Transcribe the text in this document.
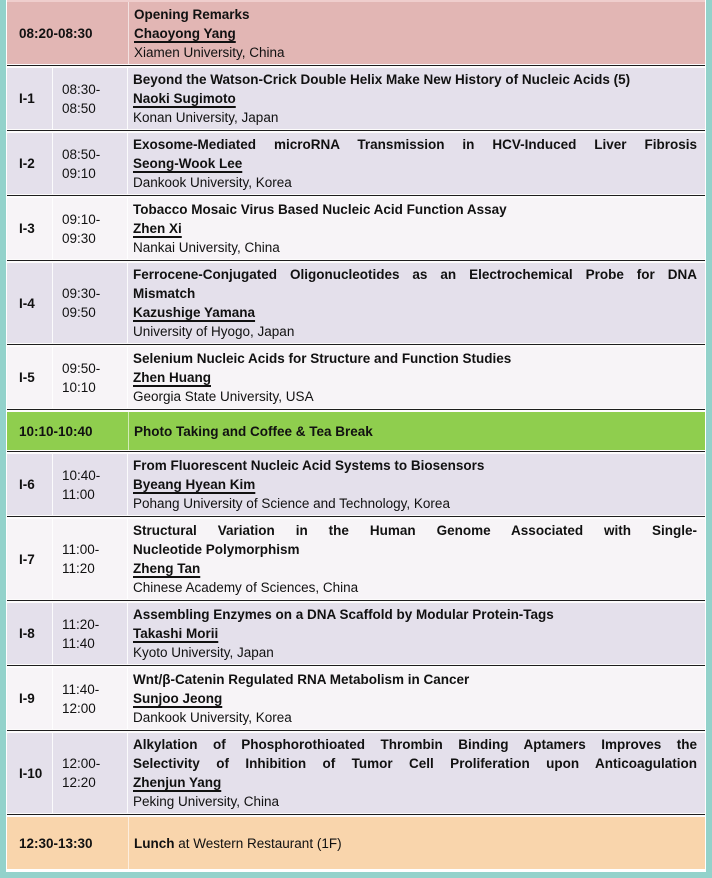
08:20-08:30
Opening Remarks
Chaoyong Yang
Xiamen University, China
I-1
08:30-
08:50
Beyond the Watson-Crick Double Helix Make New History of Nucleic Acids (5)
Naoki Sugimoto
Konan University, Japan
I-2
08:50-
09:10
Exosome-Mediated microRNA Transmission in HCV-Induced Liver Fibrosis
Seong-Wook Lee
Dankook University, Korea
I-3
09:10-
09:30
Tobacco Mosaic Virus Based Nucleic Acid Function Assay
Zhen Xi
Nankai University, China
I-4
09:30-
09:50
Ferrocene-Conjugated Oligonucleotides as an Electrochemical Probe for DNA
Mismatch
Kazushige Yamana
University of Hyogo, Japan
I-5
09:50-
10:10
Selenium Nucleic Acids for Structure and Function Studies
Zhen Huang
Georgia State University, USA
10:10-10:40	Photo Taking and Coffee & Tea Break
I-6
10:40-
11:00
From Fluorescent Nucleic Acid Systems to Biosensors
Byeang Hyean Kim
Pohang University of Science and Technology, Korea
I-7
11:00-
11:20
Structural Variation in the Human Genome Associated with Single-
Nucleotide Polymorphism
Zheng Tan
Chinese Academy of Sciences, China
I-8
11:20-
11:40
Assembling Enzymes on a DNA Scaffold by Modular Protein-Tags
Takashi Morii
Kyoto University, Japan
I-9
11:40-
12:00
Wnt/β-Catenin Regulated RNA Metabolism in Cancer
Sunjoo Jeong
Dankook University, Korea
I-10
12:00-
12:20
Alkylation of Phosphorothioated Thrombin Binding Aptamers Improves the
Selectivity of Inhibition of Tumor Cell Proliferation upon Anticoagulation
Zhenjun Yang
Peking University, China
12:30-13:30	Lunch at Western Restaurant (1F)
